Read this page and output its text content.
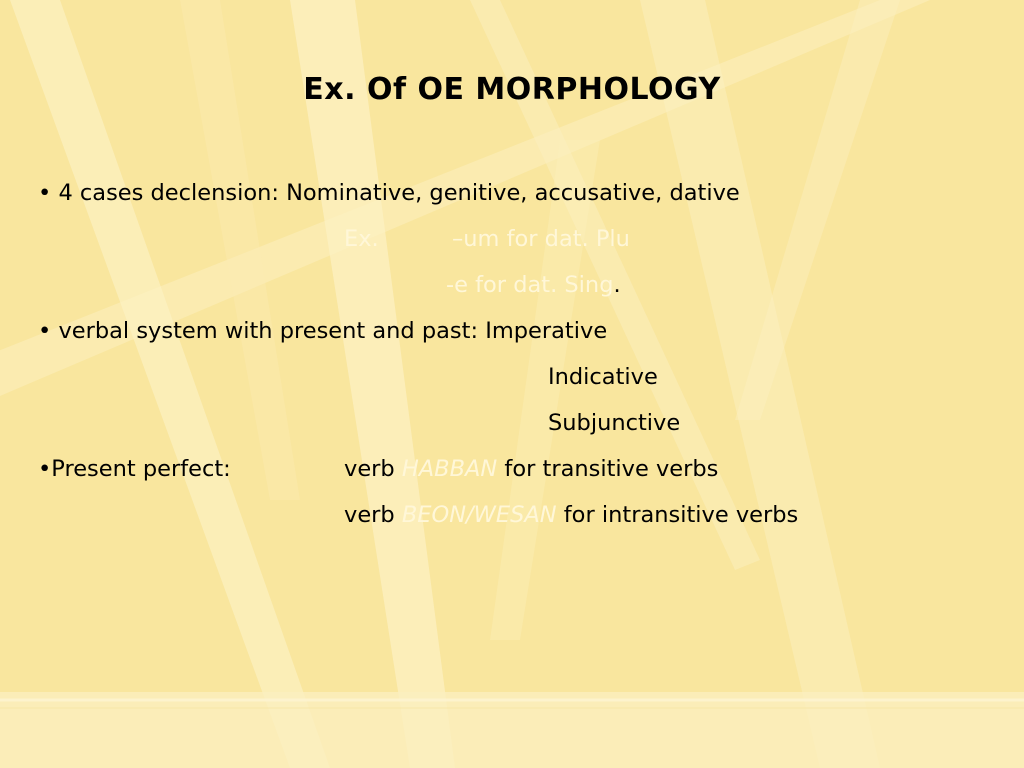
Ex. Of OE MORPHOLOGY
• 4 cases declension: Nominative, genitive, accusative, dative
Ex.	–um for dat. Plu
-e for dat. Sing.
• verbal system with present and past: Imperative
Indicative
Subjunctive
•Present perfect:	verb HABBAN for transitive verbs
verb BEON/WESAN for intransitive verbs
